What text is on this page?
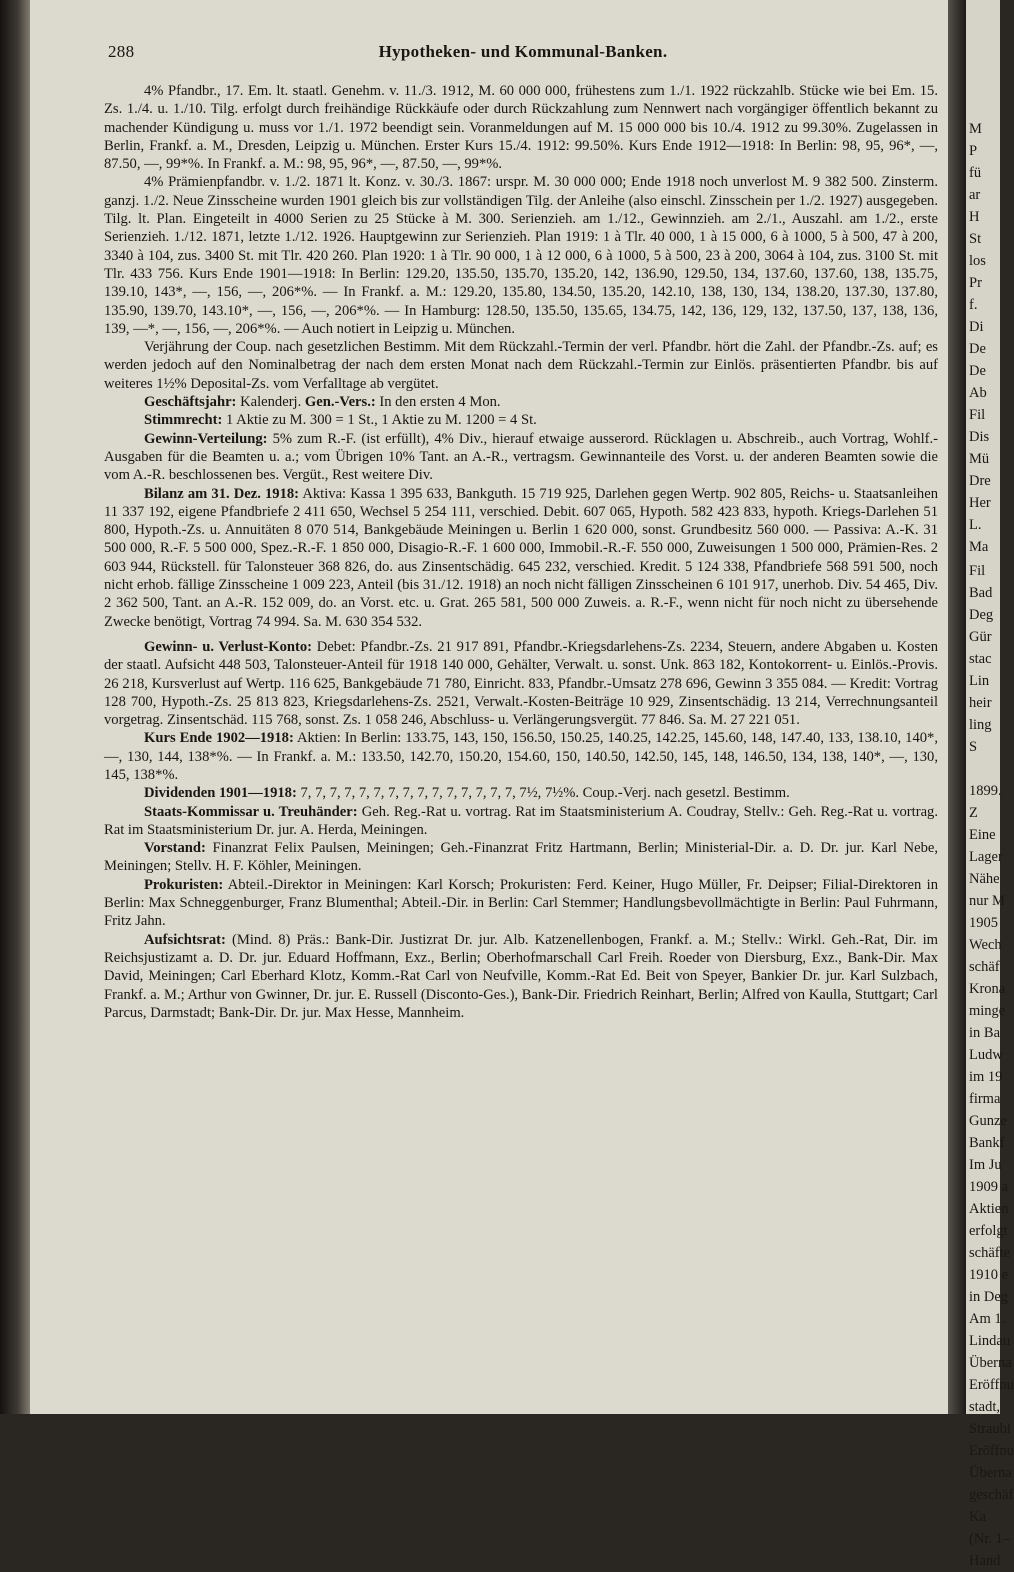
288	Hypotheken- und Kommunal-Banken.

4% Pfandbr., 17. Em. lt. staatl. Genehm. v. 11./3. 1912, M. 60 000 000, frühestens zum 1./1. 1922 rückzahlb. Stücke wie bei Em. 15. Zs. 1./4. u. 1./10. Tilg. erfolgt durch freihändige Rückkäufe oder durch Rückzahlung zum Nennwert nach vorgängiger öffentlich bekannt zu machender Kündigung u. muss vor 1./1. 1972 beendigt sein. Voranmeldungen auf M. 15 000 000 bis 10./4. 1912 zu 99.30%. Zugelassen in Berlin, Frankf. a. M., Dresden, Leipzig u. München. Erster Kurs 15./4. 1912: 99.50%. Kurs Ende 1912—1918: In Berlin: 98, 95, 96*, —, 87.50, —, 99*%. In Frankf. a. M.: 98, 95, 96*, —, 87.50, —, 99*%.

4% Prämienpfandbr. v. 1./2. 1871 lt. Konz. v. 30./3. 1867: urspr. M. 30 000 000; Ende 1918 noch unverlost M. 9 382 500. Zinsterm. ganzj. 1./2. Neue Zinsscheine wurden 1901 gleich bis zur vollständigen Tilg. der Anleihe (also einschl. Zinsschein per 1./2. 1927) ausgegeben. Tilg. lt. Plan. Eingeteilt in 4000 Serien zu 25 Stücke à M. 300. Serienzieh. am 1./12., Gewinnzieh. am 2./1., Auszahl. am 1./2., erste Serienzieh. 1./12. 1871, letzte 1./12. 1926. Hauptgewinn zur Serienzieh. Plan 1919: 1 à Tlr. 40 000, 1 à 15 000, 6 à 1000, 5 à 500, 47 à 200, 3340 à 104, zus. 3400 St. mit Tlr. 420 260. Plan 1920: 1 à Tlr. 90 000, 1 à 12 000, 6 à 1000, 5 à 500, 23 à 200, 3064 à 104, zus. 3100 St. mit Tlr. 433 756. Kurs Ende 1901—1918: In Berlin: 129.20, 135.50, 135.70, 135.20, 142, 136.90, 129.50, 134, 137.60, 137.60, 138, 135.75, 139.10, 143*, —, 156, —, 206*%. — In Frankf. a. M.: 129.20, 135.80, 134.50, 135.20, 142.10, 138, 130, 134, 138.20, 137.30, 137.80, 135.90, 139.70, 143.10*, —, 156, —, 206*%. — In Hamburg: 128.50, 135.50, 135.65, 134.75, 142, 136, 129, 132, 137.50, 137, 138, 136, 139, —*, —, 156, —, 206*%. — Auch notiert in Leipzig u. München.

Verjährung der Coup. nach gesetzlichen Bestimm. Mit dem Rückzahl.-Termin der verl. Pfandbr. hört die Zahl. der Pfandbr.-Zs. auf; es werden jedoch auf den Nominalbetrag der nach dem ersten Monat nach dem Rückzahl.-Termin zur Einlös. präsentierten Pfandbr. bis auf weiteres 1½% Deposital-Zs. vom Verfalltage ab vergütet.

Geschäftsjahr: Kalenderj. Gen.-Vers.: In den ersten 4 Mon.

Stimmrecht: 1 Aktie zu M. 300 = 1 St., 1 Aktie zu M. 1200 = 4 St.

Gewinn-Verteilung: 5% zum R.-F. (ist erfüllt), 4% Div., hierauf etwaige ausserord. Rücklagen u. Abschreib., auch Vortrag, Wohlf.-Ausgaben für die Beamten u. a.; vom Übrigen 10% Tant. an A.-R., vertragsm. Gewinnanteile des Vorst. u. der anderen Beamten sowie die vom A.-R. beschlossenen bes. Vergüt., Rest weitere Div.

Bilanz am 31. Dez. 1918: Aktiva: Kassa 1 395 633, Bankguth. 15 719 925, Darlehen gegen Wertp. 902 805, Reichs- u. Staatsanleihen 11 337 192, eigene Pfandbriefe 2 411 650, Wechsel 5 254 111, verschied. Debit. 607 065, Hypoth. 582 423 833, hypoth. Kriegs-Darlehen 51 800, Hypoth.-Zs. u. Annuitäten 8 070 514, Bankgebäude Meiningen u. Berlin 1 620 000, sonst. Grundbesitz 560 000. — Passiva: A.-K. 31 500 000, R.-F. 5 500 000, Spez.-R.-F. 1 850 000, Disagio-R.-F. 1 600 000, Immobil.-R.-F. 550 000, Zuweisungen 1 500 000, Prämien-Res. 2 603 944, Rückstell. für Talonsteuer 368 826, do. aus Zinsentschädig. 645 232, verschied. Kredit. 5 124 338, Pfandbriefe 568 591 500, noch nicht erhob. fällige Zinsscheine 1 009 223, Anteil (bis 31./12. 1918) an noch nicht fälligen Zinsscheinen 6 101 917, unerhob. Div. 54 465, Div. 2 362 500, Tant. an A.-R. 152 009, do. an Vorst. etc. u. Grat. 265 581, 500 000 Zuweis. a. R.-F., wenn nicht für noch nicht zu übersehende Zwecke benötigt, Vortrag 74 994. Sa. M. 630 354 532.

Gewinn- u. Verlust-Konto: Debet: Pfandbr.-Zs. 21 917 891, Pfandbr.-Kriegsdarlehens-Zs. 2234, Steuern, andere Abgaben u. Kosten der staatl. Aufsicht 448 503, Talonsteuer-Anteil für 1918 140 000, Gehälter, Verwalt. u. sonst. Unk. 863 182, Kontokorrent- u. Einlös.-Provis. 26 218, Kursverlust auf Wertp. 116 625, Bankgebäude 71 780, Einricht. 833, Pfandbr.-Umsatz 278 696, Gewinn 3 355 084. — Kredit: Vortrag 128 700, Hypoth.-Zs. 25 813 823, Kriegsdarlehens-Zs. 2521, Verwalt.-Kosten-Beiträge 10 929, Zinsentschädig. 13 214, Verrechnungsanteil vorgetrag. Zinsentschäd. 115 768, sonst. Zs. 1 058 246, Abschluss- u. Verlängerungsvergüt. 77 846. Sa. M. 27 221 051.

Kurs Ende 1902—1918: Aktien: In Berlin: 133.75, 143, 150, 156.50, 150.25, 140.25, 142.25, 145.60, 148, 147.40, 133, 138.10, 140*, —, 130, 144, 138*%. — In Frankf. a. M.: 133.50, 142.70, 150.20, 154.60, 150, 140.50, 142.50, 145, 148, 146.50, 134, 138, 140*, —, 130, 145, 138*%.

Dividenden 1901—1918: 7, 7, 7, 7, 7, 7, 7, 7, 7, 7, 7, 7, 7, 7, 7, 7½, 7½%. Coup.-Verj. nach gesetzl. Bestimm.

Staats-Kommissar u. Treuhänder: Geh. Reg.-Rat u. vortrag. Rat im Staatsministerium A. Coudray, Stellv.: Geh. Reg.-Rat u. vortrag. Rat im Staatsministerium Dr. jur. A. Herda, Meiningen.

Vorstand: Finanzrat Felix Paulsen, Meiningen; Geh.-Finanzrat Fritz Hartmann, Berlin; Ministerial-Dir. a. D. Dr. jur. Karl Nebe, Meiningen; Stellv. H. F. Köhler, Meiningen.

Prokuristen: Abteil.-Direktor in Meiningen: Karl Korsch; Prokuristen: Ferd. Keiner, Hugo Müller, Fr. Deipser; Filial-Direktoren in Berlin: Max Schneggenburger, Franz Blumenthal; Abteil.-Dir. in Berlin: Carl Stemmer; Handlungsbevollmächtigte in Berlin: Paul Fuhrmann, Fritz Jahn.

Aufsichtsrat: (Mind. 8) Präs.: Bank-Dir. Justizrat Dr. jur. Alb. Katzenellenbogen, Frankf. a. M.; Stellv.: Wirkl. Geh.-Rat, Dir. im Reichsjustizamt a. D. Dr. jur. Eduard Hoffmann, Exz., Berlin; Oberhofmarschall Carl Freih. Roeder von Diersburg, Exz., Bank-Dir. Max David, Meiningen; Carl Eberhard Klotz, Komm.-Rat Carl von Neufville, Komm.-Rat Ed. Beit von Speyer, Bankier Dr. jur. Karl Sulzbach, Frankf. a. M.; Arthur von Gwinner, Dr. jur. E. Russell (Disconto-Ges.), Bank-Dir. Friedrich Reinhart, Berlin; Alfred von Kaulla, Stuttgart; Carl Parcus, Darmstadt; Bank-Dir. Dr. jur. Max Hesse, Mannheim.

M
P
fü
ar
H
St
los
Pr
f.
Di
De
De
Ab
Fil
Dis
Mü
Dre
Her
L.
Ma
Fil
Bad
Deg
Gür
stac
Lin
heir
ling
S

1899.
Z
Eine
Lager
Nähe
nur M
1905
Wech
schäf
Krona
minge
in Ba
Ludw
im 19
firma
Gunze
Bankf
Im Ju
1909 a
Aktien
erfolgt
schäfte
1910 e
in Deg
Am 1.
Lindau
Übernа
Eröffnu
stadt,
Straubi
Eröffnu
Überna
geschäf
Ka
(Nr. 1–
Hand
